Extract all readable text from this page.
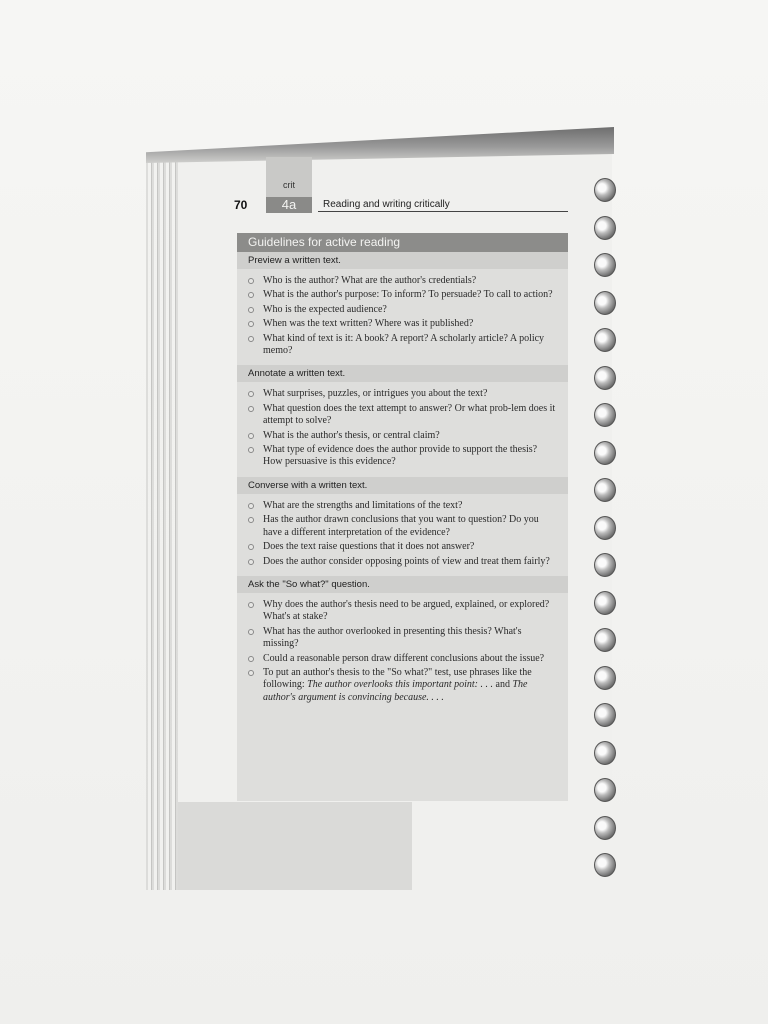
crit
4a
70	Reading and writing critically
Guidelines for active reading
Preview a written text.
Who is the author? What are the author's credentials?
What is the author's purpose: To inform? To persuade? To call to action?
Who is the expected audience?
When was the text written? Where was it published?
What kind of text is it: A book? A report? A scholarly article? A policy memo?
Annotate a written text.
What surprises, puzzles, or intrigues you about the text?
What question does the text attempt to answer? Or what prob-lem does it attempt to solve?
What is the author's thesis, or central claim?
What type of evidence does the author provide to support the thesis? How persuasive is this evidence?
Converse with a written text.
What are the strengths and limitations of the text?
Has the author drawn conclusions that you want to question? Do you have a different interpretation of the evidence?
Does the text raise questions that it does not answer?
Does the author consider opposing points of view and treat them fairly?
Ask the "So what?" question.
Why does the author's thesis need to be argued, explained, or explored? What's at stake?
What has the author overlooked in presenting this thesis? What's missing?
Could a reasonable person draw different conclusions about the issue?
To put an author's thesis to the "So what?" test, use phrases like the following: The author overlooks this important point: . . . and The author's argument is convincing because. . . .
